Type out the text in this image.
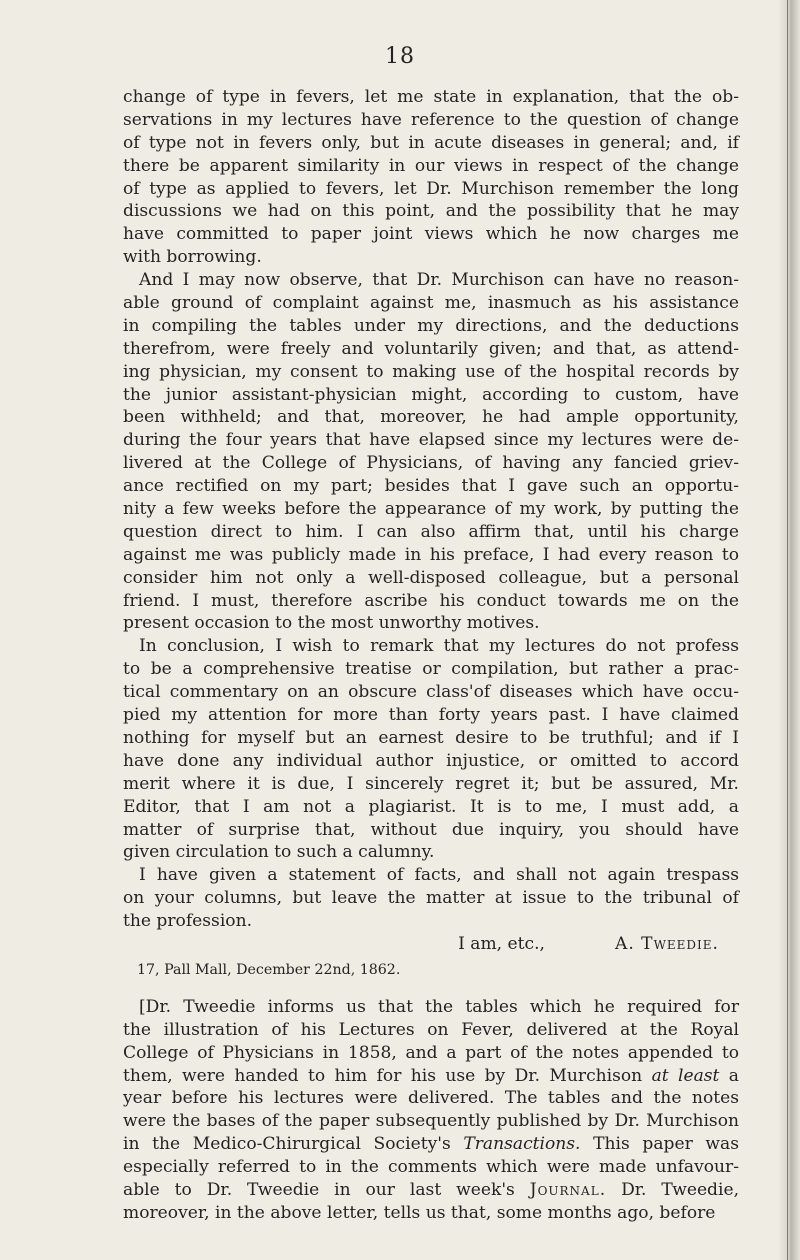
18
change of type in fevers, let me state in explanation, that the ob-
servations in my lectures have reference to the question of change
of type not in fevers only, but in acute diseases in general; and, if
there be apparent similarity in our views in respect of the change
of type as applied to fevers, let Dr. Murchison remember the long
discussions we had on this point, and the possibility that he may
have committed to paper joint views which he now charges me
with borrowing.
And I may now observe, that Dr. Murchison can have no reason-
able ground of complaint against me, inasmuch as his assistance
in compiling the tables under my directions, and the deductions
therefrom, were freely and voluntarily given; and that, as attend-
ing physician, my consent to making use of the hospital records by
the junior assistant-physician might, according to custom, have
been withheld; and that, moreover, he had ample opportunity,
during the four years that have elapsed since my lectures were de-
livered at the College of Physicians, of having any fancied griev-
ance rectified on my part; besides that I gave such an opportu-
nity a few weeks before the appearance of my work, by putting the
question direct to him. I can also affirm that, until his charge
against me was publicly made in his preface, I had every reason to
consider him not only a well-disposed colleague, but a personal
friend. I must, therefore ascribe his conduct towards me on the
present occasion to the most unworthy motives.
In conclusion, I wish to remark that my lectures do not profess
to be a comprehensive treatise or compilation, but rather a prac-
tical commentary on an obscure class'of diseases which have occu-
pied my attention for more than forty years past. I have claimed
nothing for myself but an earnest desire to be truthful; and if I
have done any individual author injustice, or omitted to accord
merit where it is due, I sincerely regret it; but be assured, Mr.
Editor, that I am not a plagiarist. It is to me, I must add, a
matter of surprise that, without due inquiry, you should have
given circulation to such a calumny.
I have given a statement of facts, and shall not again trespass
on your columns, but leave the matter at issue to the tribunal of
the profession.
I am, etc.,	A. Tweedie.
17, Pall Mall, December 22nd, 1862.
[Dr. Tweedie informs us that the tables which he required for
the illustration of his Lectures on Fever, delivered at the Royal
College of Physicians in 1858, and a part of the notes appended to
them, were handed to him for his use by Dr. Murchison at least a
year before his lectures were delivered. The tables and the notes
were the bases of the paper subsequently published by Dr. Murchison
in the Medico-Chirurgical Society's Transactions. This paper was
especially referred to in the comments which were made unfavour-
able to Dr. Tweedie in our last week's Journal. Dr. Tweedie,
moreover, in the above letter, tells us that, some months ago, before
